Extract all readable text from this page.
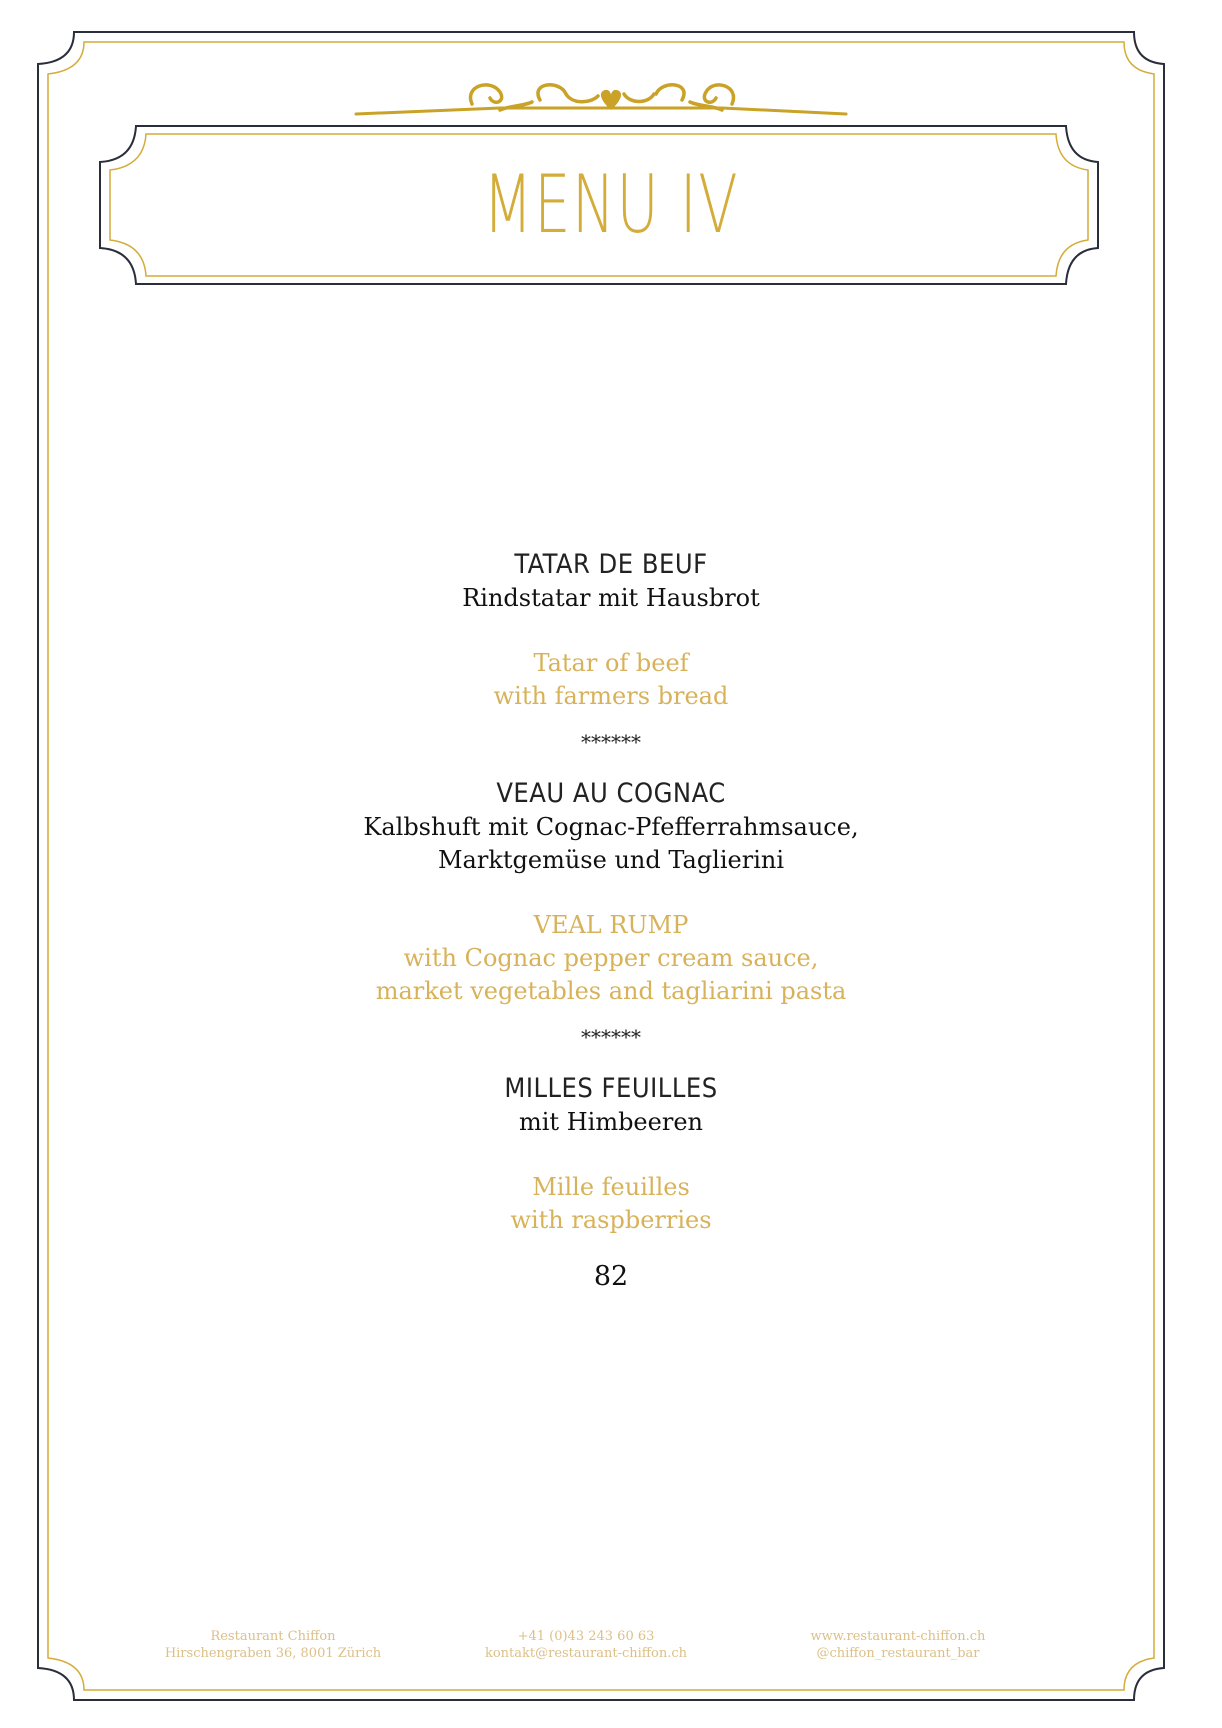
MENU IV
TATAR DE BEUF
Rindstatar mit Hausbrot
Tatar of beef
with farmers bread
******
VEAU AU COGNAC
Kalbshuft mit Cognac-Pfefferrahmsauce,
Marktgemüse und Taglierini
VEAL RUMP
with Cognac pepper cream sauce,
market vegetables and tagliarini pasta
******
MILLES FEUILLES
mit Himbeeren
Mille feuilles
with raspberries
82
Restaurant Chiffon
Hirschengraben 36, 8001 Zürich
+41 (0)43 243 60 63
kontakt@restaurant-chiffon.ch
www.restaurant-chiffon.ch
@chiffon_restaurant_bar
